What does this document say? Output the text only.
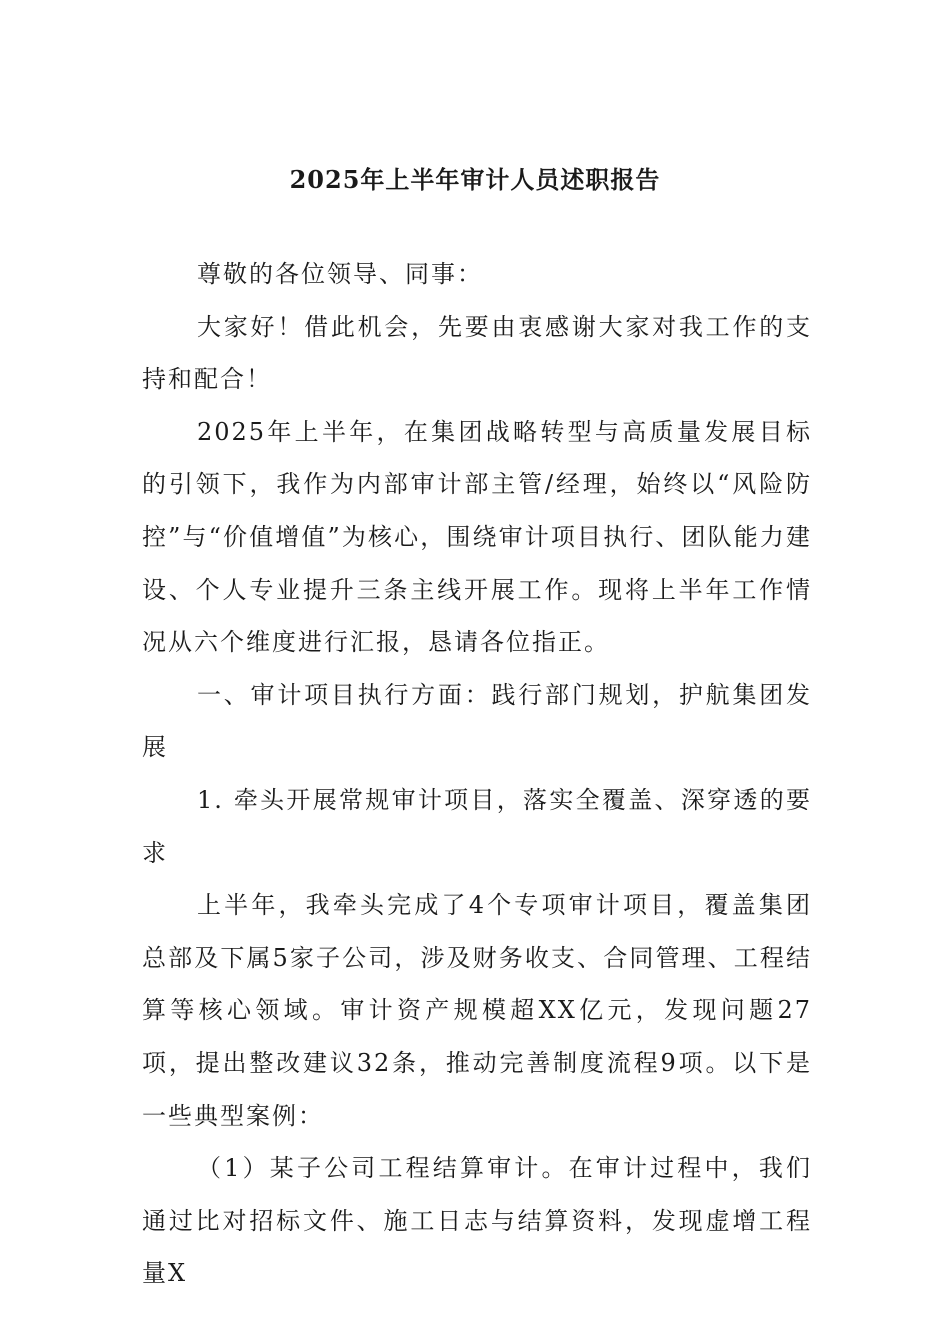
2025年上半年审计人员述职报告

尊敬的各位领导、同事：

大家好！借此机会，先要由衷感谢大家对我工作的支持和配合！

2025年上半年，在集团战略转型与高质量发展目标的引领下，我作为内部审计部主管/经理，始终以“风险防控”与“价值增值”为核心，围绕审计项目执行、团队能力建设、个人专业提升三条主线开展工作。现将上半年工作情况从六个维度进行汇报，恳请各位指正。

一、审计项目执行方面：践行部门规划，护航集团发展

1. 牵头开展常规审计项目，落实全覆盖、深穿透的要求

上半年，我牵头完成了4个专项审计项目，覆盖集团总部及下属5家子公司，涉及财务收支、合同管理、工程结算等核心领域。审计资产规模超XX亿元，发现问题27项，提出整改建议32条，推动完善制度流程9项。以下是一些典型案例：

（1）某子公司工程结算审计。在审计过程中，我们通过比对招标文件、施工日志与结算资料，发现虚增工程量X
